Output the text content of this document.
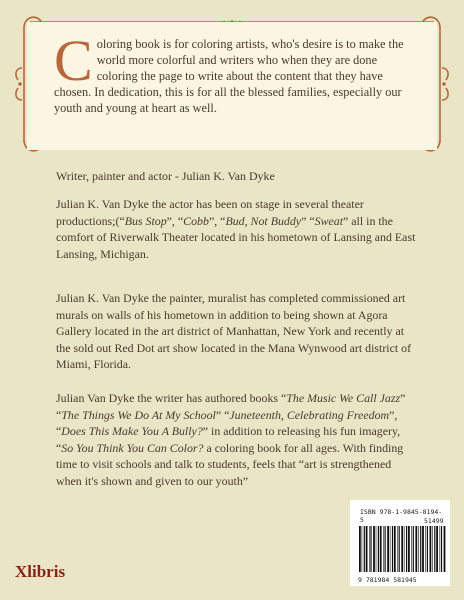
Coloring book is for coloring artists, who's desire is to make the world more colorful and writers who when they are done coloring the page to write about the content that they have chosen. In dedication, this is for all the blessed families, especially our youth and young at heart as well.

Writer, painter and actor - Julian K. Van Dyke

Julian K. Van Dyke the actor has been on stage in several theater productions;(“Bus Stop”, “Cobb”, “Bud, Not Buddy” “Sweat” all in the comfort of Riverwalk Theater located in his hometown of Lansing and East Lansing, Michigan.

Julian K. Van Dyke the painter, muralist has completed commissioned art murals on walls of his hometown in addition to being shown at Agora Gallery located in the art district of Manhattan, New York and recently at the sold out Red Dot art show located in the Mana Wynwood art district of Miami, Florida.

Julian Van Dyke the writer has authored books “The Music We Call Jazz” “The Things We Do At My School” “Juneteenth, Celebrating Freedom”, “Does This Make You A Bully?” in addition to releasing his fun imagery, “So You Think You Can Color? a coloring book for all ages. With finding time to visit schools and talk to students, feels that “art is strengthened when it's shown and given to our youth”

Xlibris
ISBN 978-1-9845-8194-5	51499
9 781984 581945
